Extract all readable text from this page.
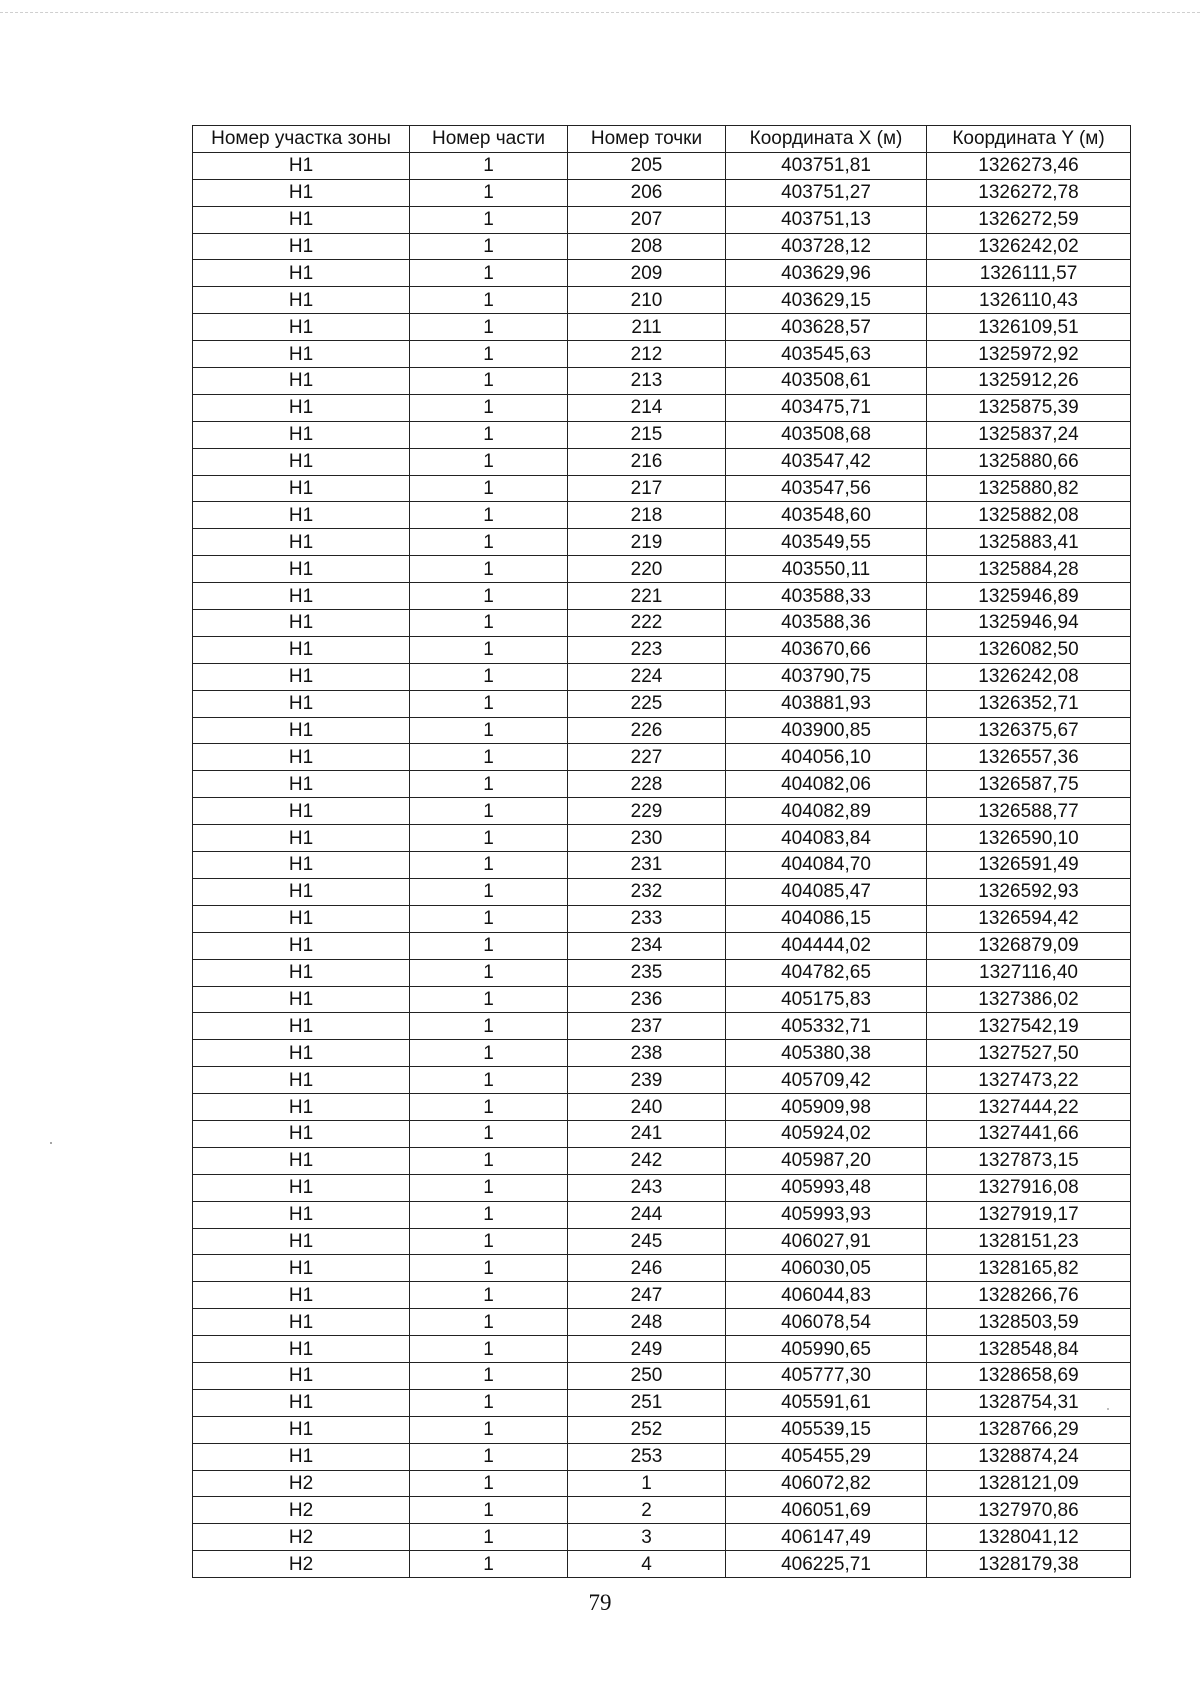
Номер участка зоны	Номер части	Номер точки	Координата X (м)	Координата Y (м)
Н1	1	205	403751,81	1326273,46
Н1	1	206	403751,27	1326272,78
Н1	1	207	403751,13	1326272,59
Н1	1	208	403728,12	1326242,02
Н1	1	209	403629,96	1326111,57
Н1	1	210	403629,15	1326110,43
Н1	1	211	403628,57	1326109,51
Н1	1	212	403545,63	1325972,92
Н1	1	213	403508,61	1325912,26
Н1	1	214	403475,71	1325875,39
Н1	1	215	403508,68	1325837,24
Н1	1	216	403547,42	1325880,66
Н1	1	217	403547,56	1325880,82
Н1	1	218	403548,60	1325882,08
Н1	1	219	403549,55	1325883,41
Н1	1	220	403550,11	1325884,28
Н1	1	221	403588,33	1325946,89
Н1	1	222	403588,36	1325946,94
Н1	1	223	403670,66	1326082,50
Н1	1	224	403790,75	1326242,08
Н1	1	225	403881,93	1326352,71
Н1	1	226	403900,85	1326375,67
Н1	1	227	404056,10	1326557,36
Н1	1	228	404082,06	1326587,75
Н1	1	229	404082,89	1326588,77
Н1	1	230	404083,84	1326590,10
Н1	1	231	404084,70	1326591,49
Н1	1	232	404085,47	1326592,93
Н1	1	233	404086,15	1326594,42
Н1	1	234	404444,02	1326879,09
Н1	1	235	404782,65	1327116,40
Н1	1	236	405175,83	1327386,02
Н1	1	237	405332,71	1327542,19
Н1	1	238	405380,38	1327527,50
Н1	1	239	405709,42	1327473,22
Н1	1	240	405909,98	1327444,22
Н1	1	241	405924,02	1327441,66
Н1	1	242	405987,20	1327873,15
Н1	1	243	405993,48	1327916,08
Н1	1	244	405993,93	1327919,17
Н1	1	245	406027,91	1328151,23
Н1	1	246	406030,05	1328165,82
Н1	1	247	406044,83	1328266,76
Н1	1	248	406078,54	1328503,59
Н1	1	249	405990,65	1328548,84
Н1	1	250	405777,30	1328658,69
Н1	1	251	405591,61	1328754,31
Н1	1	252	405539,15	1328766,29
Н1	1	253	405455,29	1328874,24
Н2	1	1	406072,82	1328121,09
Н2	1	2	406051,69	1327970,86
Н2	1	3	406147,49	1328041,12
Н2	1	4	406225,71	1328179,38
79
